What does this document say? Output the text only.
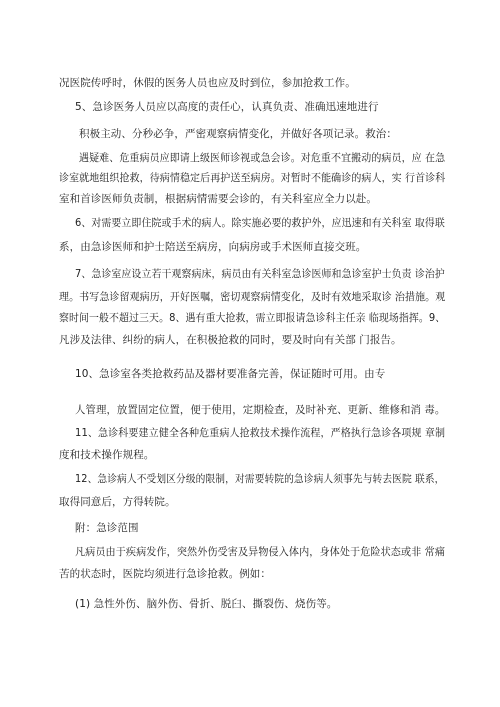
况医院传呼时，休假的医务人员也应及时到位，参加抢救工作。
5、急诊医务人员应以高度的责任心，认真负责、准确迅速地进行
积极主动、分秒必争，严密观察病情变化，并做好各项记录。救治：
遇疑难、危重病员应即请上级医师诊视或急会诊。对危重不宜搬动的病员，应 在急
诊室就地组织抢救，待病情稳定后再护送至病房。对暂时不能确诊的病人，实 行首诊科
室和首诊医师负责制，根据病情需要会诊的，有关科室应全力以赴。
6、对需要立即住院或手术的病人。除实施必要的救护外，应迅速和有关科室 取得联
系，由急诊医师和护士陪送至病房，向病房或手术医师直接交班。
7、急诊室应设立若干观察病床，病员由有关科室急诊医师和急诊室护士负责 诊治护
理。书写急诊留观病历，开好医嘱，密切观察病情变化，及时有效地采取诊 治措施。观
察时间一般不超过三天。8、遇有重大抢救，需立即报请急诊科主任亲 临现场指挥。9、
凡涉及法律、纠纷的病人，在积极抢救的同时，要及时向有关部 门报告。
10、急诊室各类抢救药品及器材要准备完善，保证随时可用。由专
人管理，放置固定位置，便于使用，定期检查，及时补充、更新、维修和消 毒。
11、急诊科要建立健全各种危重病人抢救技术操作流程，严格执行急诊各项规 章制
度和技术操作规程。
12、急诊病人不受划区分级的限制，对需要转院的急诊病人须事先与转去医院 联系，
取得同意后，方得转院。
附：急诊范围
凡病员由于疾病发作，突然外伤受害及异物侵入体内，身体处于危险状态或非 常痛
苦的状态时，医院均须进行急诊抢救。例如：
(1) 急性外伤、脑外伤、骨折、脱臼、撕裂伤、烧伤等。
